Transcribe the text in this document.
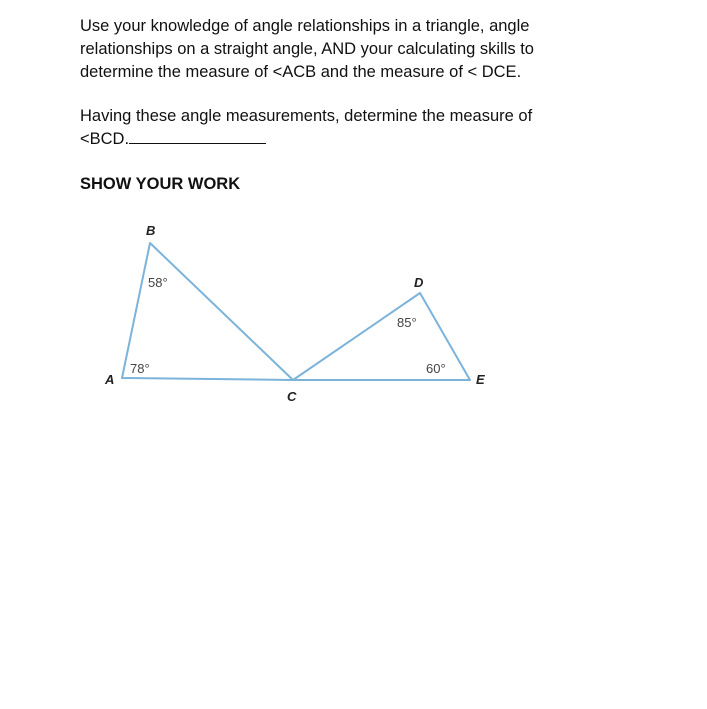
Use your knowledge of angle relationships in a triangle, angle
relationships on a straight angle, AND your calculating skills to
determine the measure of <ACB and the measure of < DCE.
Having these angle measurements, determine the measure of
<BCD.
SHOW YOUR WORK
B
D
A
C
E
58°
78°
85°
60°
